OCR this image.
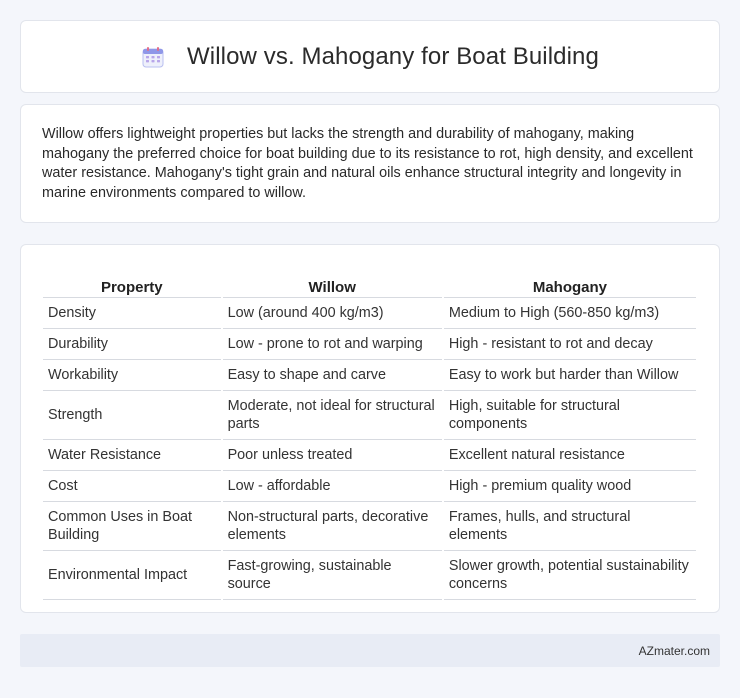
Willow vs. Mahogany for Boat Building

Willow offers lightweight properties but lacks the strength and durability of mahogany, making mahogany the preferred choice for boat building due to its resistance to rot, high density, and excellent water resistance. Mahogany's tight grain and natural oils enhance structural integrity and longevity in marine environments compared to willow.

Property	Willow	Mahogany
Density	Low (around 400 kg/m3)	Medium to High (560-850 kg/m3)
Durability	Low - prone to rot and warping	High - resistant to rot and decay
Workability	Easy to shape and carve	Easy to work but harder than Willow
Strength	Moderate, not ideal for structural parts	High, suitable for structural components
Water Resistance	Poor unless treated	Excellent natural resistance
Cost	Low - affordable	High - premium quality wood
Common Uses in Boat Building	Non-structural parts, decorative elements	Frames, hulls, and structural elements
Environmental Impact	Fast-growing, sustainable source	Slower growth, potential sustainability concerns
AZmater.com
